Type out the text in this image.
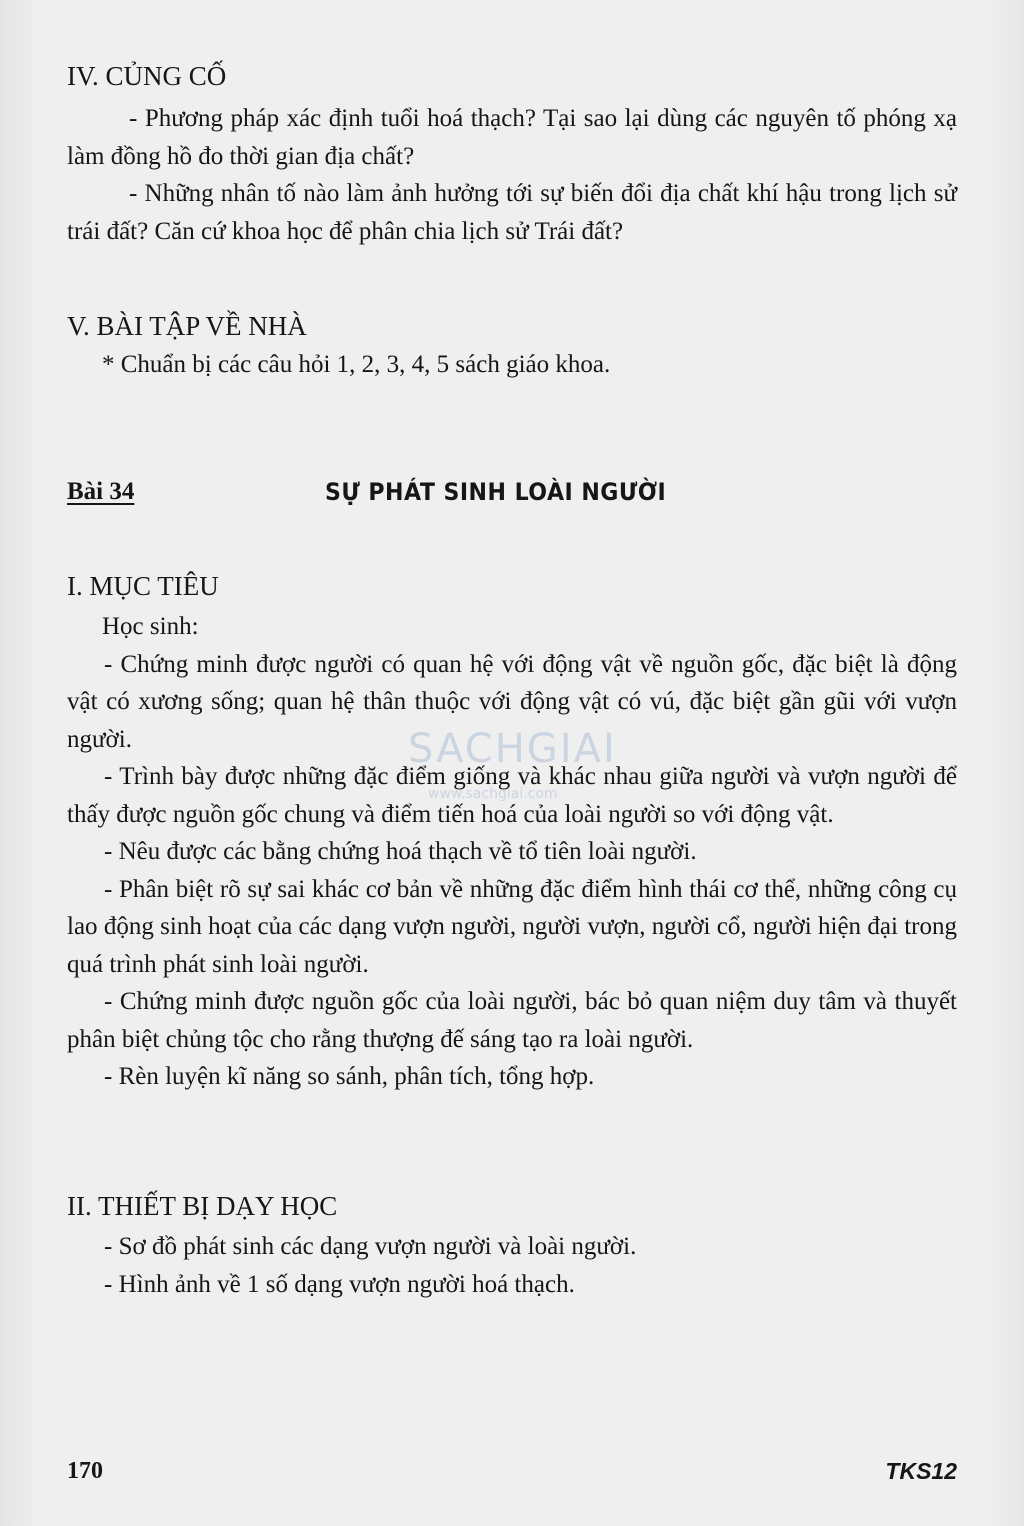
IV. CỦNG CỐ

- Phương pháp xác định tuổi hoá thạch? Tại sao lại dùng các nguyên tố phóng xạ làm đồng hồ đo thời gian địa chất?

- Những nhân tố nào làm ảnh hưởng tới sự biến đổi địa chất khí hậu trong lịch sử trái đất? Căn cứ khoa học để phân chia lịch sử Trái đất?

V. BÀI TẬP VỀ NHÀ

* Chuẩn bị các câu hỏi 1, 2, 3, 4, 5 sách giáo khoa.

Bài 34	SỰ PHÁT SINH LOÀI NGƯỜI

I. MỤC TIÊU

Học sinh:

- Chứng minh được người có quan hệ với động vật về nguồn gốc, đặc biệt là động vật có xương sống; quan hệ thân thuộc với động vật có vú, đặc biệt gần gũi với vượn người.

- Trình bày được những đặc điểm giống và khác nhau giữa người và vượn người để thấy được nguồn gốc chung và điểm tiến hoá của loài người so với động vật.

- Nêu được các bằng chứng hoá thạch về tổ tiên loài người.

- Phân biệt rõ sự sai khác cơ bản về những đặc điểm hình thái cơ thể, những công cụ lao động sinh hoạt của các dạng vượn người, người vượn, người cổ, người hiện đại trong quá trình phát sinh loài người.

- Chứng minh được nguồn gốc của loài người, bác bỏ quan niệm duy tâm và thuyết phân biệt chủng tộc cho rằng thượng đế sáng tạo ra loài người.

- Rèn luyện kĩ năng so sánh, phân tích, tổng hợp.

II. THIẾT BỊ DẠY HỌC

- Sơ đồ phát sinh các dạng vượn người và loài người.

- Hình ảnh về 1 số dạng vượn người hoá thạch.

SACHGIAI
www.sachgiai.com
170	TKS12
